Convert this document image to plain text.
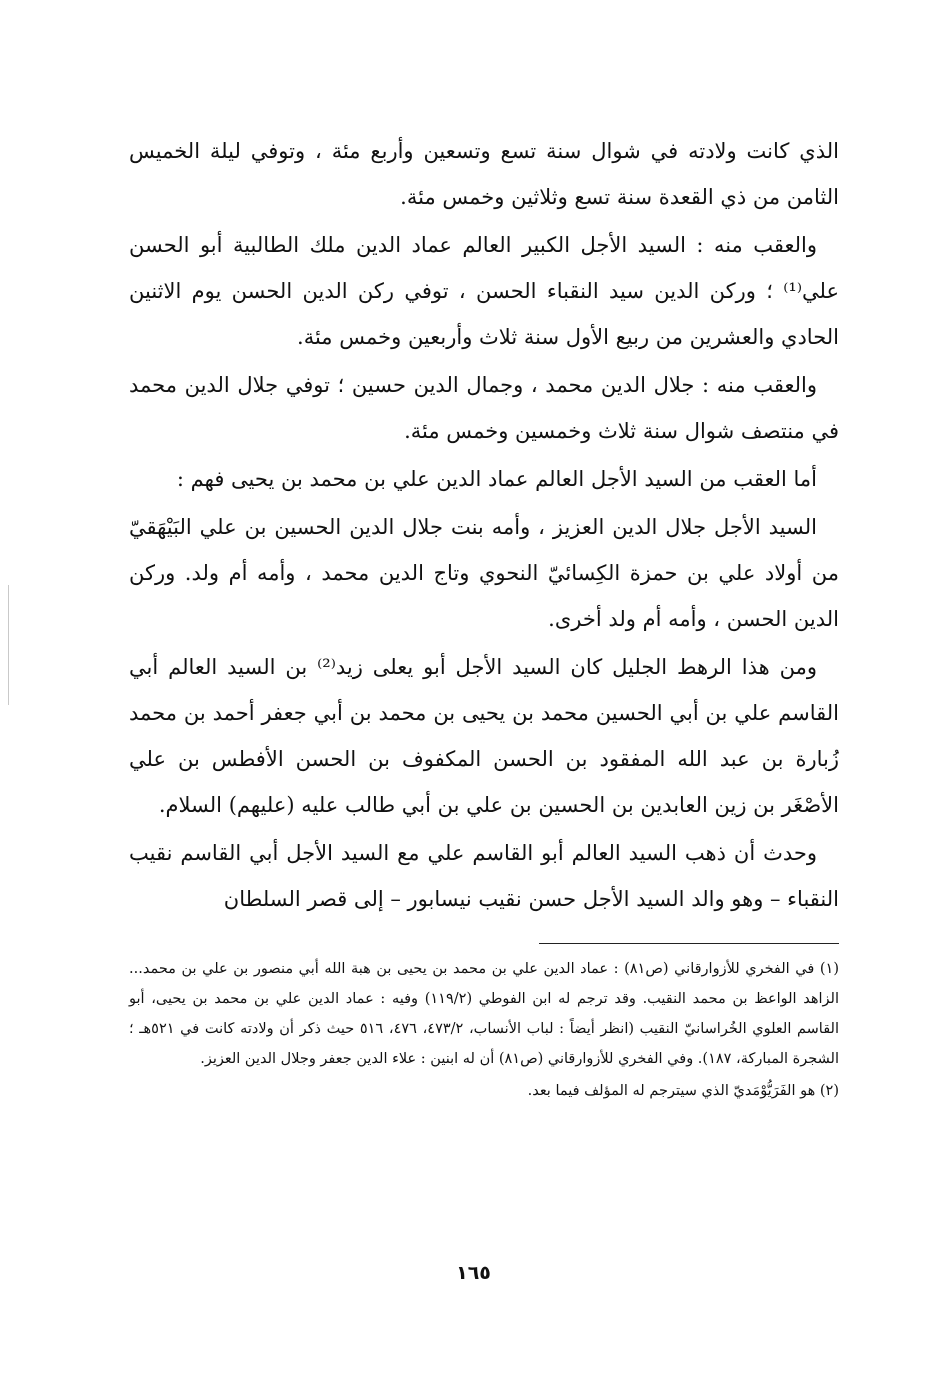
الذي كانت ولادته في شوال سنة تسع وتسعين وأربع مئة ، وتوفي ليلة الخميس الثامن من ذي القعدة سنة تسع وثلاثين وخمس مئة.

والعقب منه : السيد الأجل الكبير العالم عماد الدين ملك الطالبية أبو الحسن علي⁽¹⁾ ؛ وركن الدين سيد النقباء الحسن ، توفي ركن الدين الحسن يوم الاثنين الحادي والعشرين من ربيع الأول سنة ثلاث وأربعين وخمس مئة.

والعقب منه : جلال الدين محمد ، وجمال الدين حسين ؛ توفي جلال الدين محمد في منتصف شوال سنة ثلاث وخمسين وخمس مئة.

أما العقب من السيد الأجل العالم عماد الدين علي بن محمد بن يحيى فهم :

السيد الأجل جلال الدين العزيز ، وأمه بنت جلال الدين الحسين بن علي البَيْهَقيّ من أولاد علي بن حمزة الكِسائيّ النحوي وتاج الدين محمد ، وأمه أم ولد. وركن الدين الحسن ، وأمه أم ولد أخرى.

ومن هذا الرهط الجليل كان السيد الأجل أبو يعلى زيد⁽²⁾ بن السيد العالم أبي القاسم علي بن أبي الحسين محمد بن يحيى بن محمد بن أبي جعفر أحمد بن محمد زُبارة بن عبد الله المفقود بن الحسن المكفوف بن الحسن الأفطس بن علي الأصْغَر بن زين العابدين بن الحسين بن علي بن أبي طالب عليه (عليهم) السلام.

وحدث أن ذهب السيد العالم أبو القاسم علي مع السيد الأجل أبي القاسم نقيب النقباء – وهو والد السيد الأجل حسن نقيب نيسابور – إلى قصر السلطان

(١) في الفخري للأزوارقاني (ص٨١) : عماد الدين علي بن محمد بن يحيى بن هبة الله أبي منصور بن علي بن محمد... الزاهد الواعظ بن محمد النقيب. وقد ترجم له ابن الفوطي (١١٩/٢) وفيه : عماد الدين علي بن محمد بن يحيى، أبو القاسم العلوي الخُراسانيّ النقيب (انظر أيضاً : لباب الأنساب، ٤٧٣/٢، ٤٧٦، ٥١٦ حيث ذكر أن ولادته كانت في ٥٢١هـ ؛ الشجرة المباركة، ١٨٧). وفي الفخري للأزوارقاني (ص٨١) أن له ابنين : علاء الدين جعفر وجلال الدين العزيز.

(٢) هو الفَرَيُّوْمَديّ الذي سيترجم له المؤلف فيما بعد.

١٦٥
